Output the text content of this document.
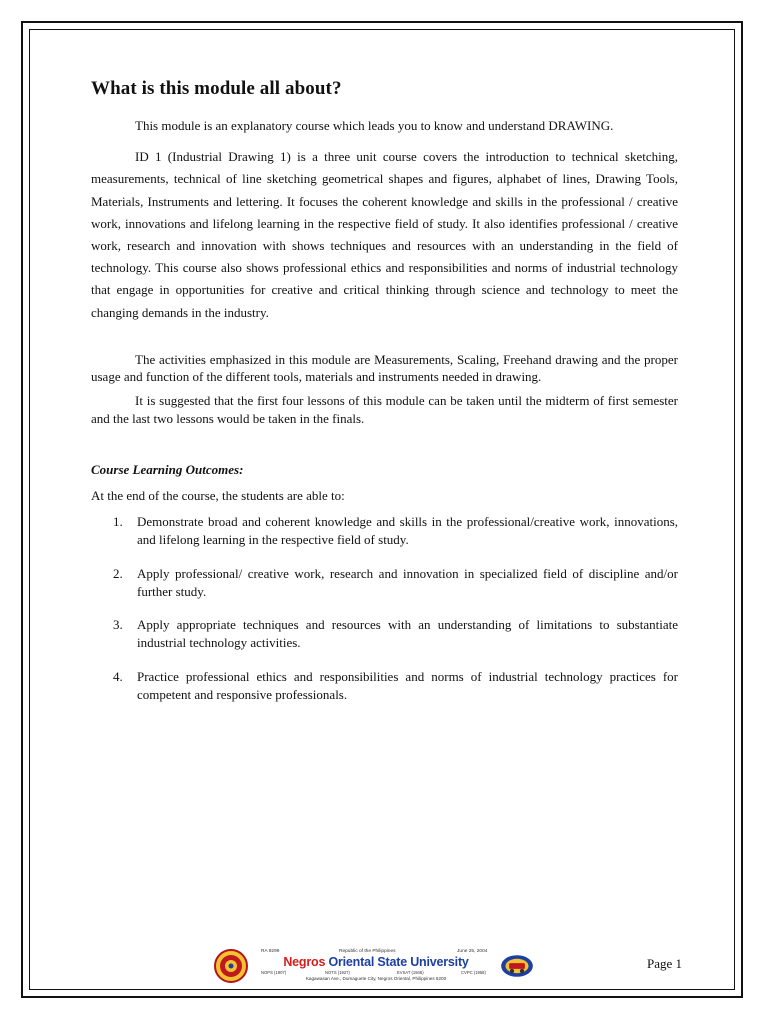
What is this module all about?

This module is an explanatory course which leads you to know and understand DRAWING.

ID 1 (Industrial Drawing 1) is a three unit course covers the introduction to technical sketching, measurements, technical of line sketching geometrical shapes and figures, alphabet of lines, Drawing Tools, Materials, Instruments and lettering. It focuses the coherent knowledge and skills in the professional / creative work, innovations and lifelong learning in the respective field of study. It also identifies professional / creative work, research and innovation with shows techniques and resources with an understanding in the field of technology. This course also shows professional ethics and responsibilities and norms of industrial technology that engage in opportunities for creative and critical thinking through science and technology to meet the changing demands in the industry.

The activities emphasized in this module are Measurements, Scaling, Freehand drawing and the proper usage and function of the different tools, materials and instruments needed in drawing.

It is suggested that the first four lessons of this module can be taken until the midterm of first semester and the last two lessons would be taken in the finals.

Course Learning Outcomes:
At the end of the course, the students are able to:
1. Demonstrate broad and coherent knowledge and skills in the professional/creative work, innovations, and lifelong learning in the respective field of study.
2. Apply professional/ creative work, research and innovation in specialized field of discipline and/or further study.
3. Apply appropriate techniques and resources with an understanding of limitations to substantiate industrial technology activities.
4. Practice professional ethics and responsibilities and norms of industrial technology practices for competent and responsive professionals.
RA 9299	Republic of the Philippines	June 25, 2004
Negros Oriental State University
NOPS (1907)	NOTS (1927)	EVSAT (1946)	CVPC (1958)
Kagawasan Ave., Dumaguete City, Negros Oriental, Philippines 6200
Page 1
